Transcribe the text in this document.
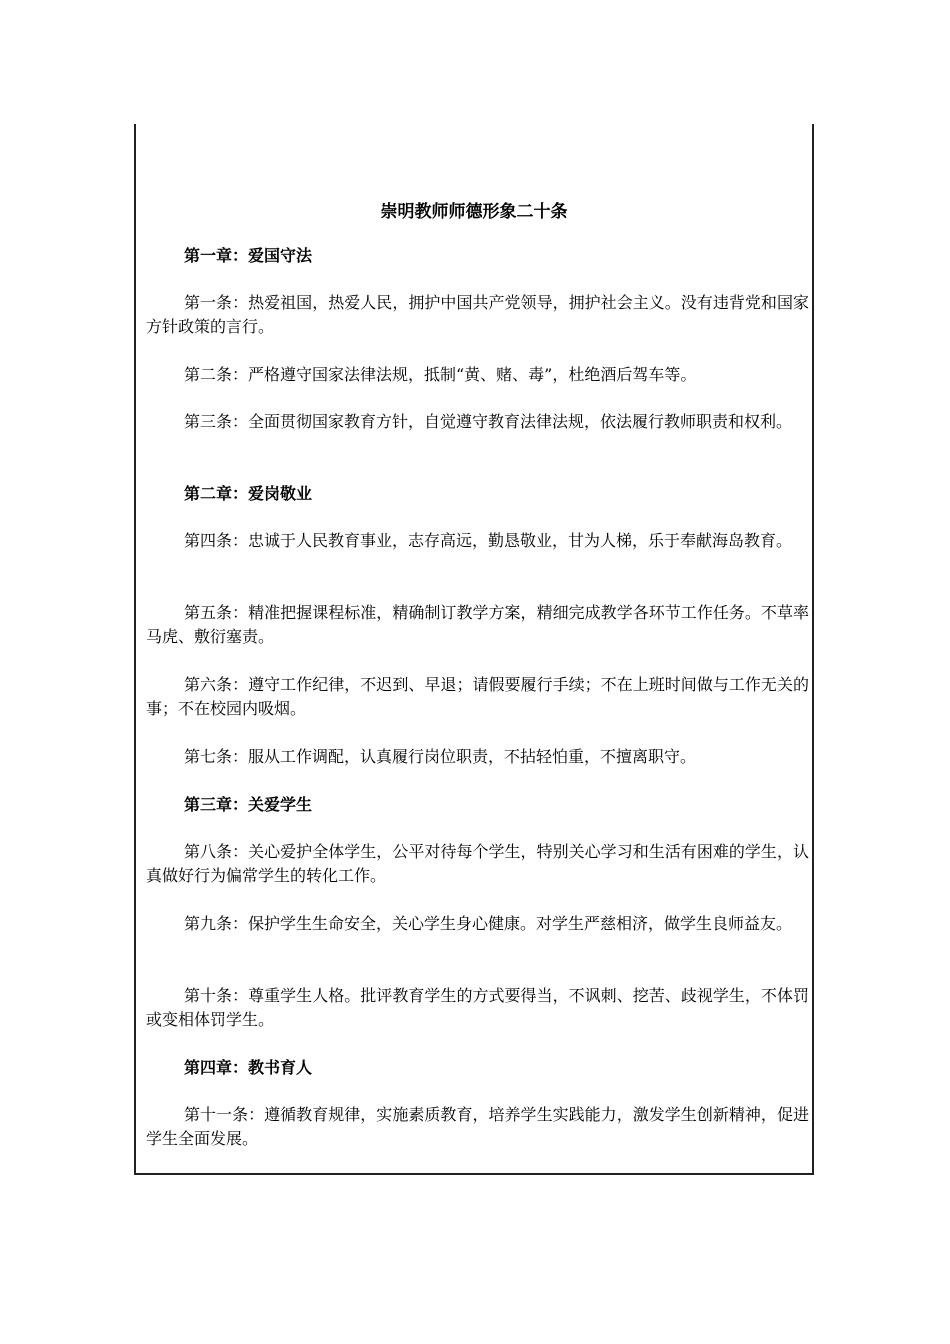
崇明教师师德形象二十条
第一章：爱国守法

第一条：热爱祖国，热爱人民，拥护中国共产党领导，拥护社会主义。没有违背党和国家方针政策的言行。

第二条：严格遵守国家法律法规，抵制“黄、赌、毒”，杜绝酒后驾车等。

第三条：全面贯彻国家教育方针，自觉遵守教育法律法规，依法履行教师职责和权利。

第二章：爱岗敬业

第四条：忠诚于人民教育事业，志存高远，勤恳敬业，甘为人梯，乐于奉献海岛教育。

第五条：精准把握课程标准，精确制订教学方案，精细完成教学各环节工作任务。不草率马虎、敷衍塞责。

第六条：遵守工作纪律，不迟到、早退；请假要履行手续；不在上班时间做与工作无关的事；不在校园内吸烟。

第七条：服从工作调配，认真履行岗位职责，不拈轻怕重，不擅离职守。

第三章：关爱学生

第八条：关心爱护全体学生，公平对待每个学生，特别关心学习和生活有困难的学生，认真做好行为偏常学生的转化工作。

第九条：保护学生生命安全，关心学生身心健康。对学生严慈相济，做学生良师益友。

第十条：尊重学生人格。批评教育学生的方式要得当，不讽刺、挖苦、歧视学生，不体罚或变相体罚学生。

第四章：教书育人

第十一条：遵循教育规律，实施素质教育，培养学生实践能力，激发学生创新精神，促进学生全面发展。
